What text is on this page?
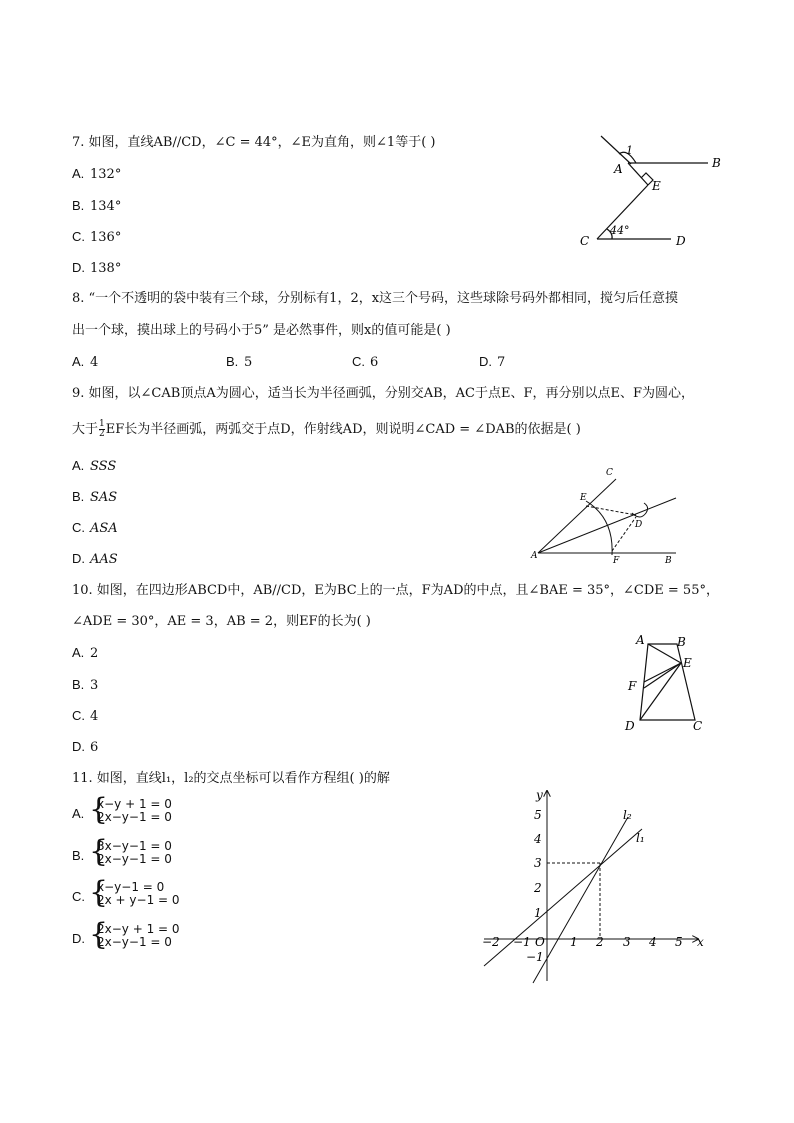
7. 如图，直线AB//CD，∠C = 44°，∠E为直角，则∠1等于( )
A. 132°
B. 134°
C. 136°
D. 138°
1
A	B
E
44°
C	D
8. “一个不透明的袋中装有三个球，分别标有1，2，x这三个号码，这些球除号码外都相同，搅匀后任意摸
出一个球，摸出球上的号码小于5” 是必然事件，则x的值可能是( )
A. 4	B. 5	C. 6	D. 7
9. 如图，以∠CAB顶点A为圆心，适当长为半径画弧，分别交AB，AC于点E、F，再分别以点E、F为圆心，
大于 $\frac{1}{2}$ EF长为半径画弧，两弧交于点D，作射线AD，则说明∠CAD = ∠DAB的依据是( )
A. SSS
B. SAS
C. ASA
D. AAS
C
E
D
A	F	B
10. 如图，在四边形ABCD中，AB//CD，E为BC上的一点，F为AD的中点，且∠BAE = 35°，∠CDE = 55°，
∠ADE = 30°，AE = 3，AB = 2，则EF的长为( )
A. 2
B. 3
C. 4
D. 6
A	B
E
F
D	C
11. 如图，直线l₁，l₂的交点坐标可以看作方程组( )的解
A. {
x−y + 1 = 0
2x−y−1 = 0
B. {
3x−y−1 = 0
2x−y−1 = 0
C. {
x−y−1 = 0
2x + y−1 = 0
D. {
2x−y + 1 = 0
2x−y−1 = 0
5
4
3
2
1
−1
−2 −1	1 2 3 4 5
O	x
y
l₂
l₁
